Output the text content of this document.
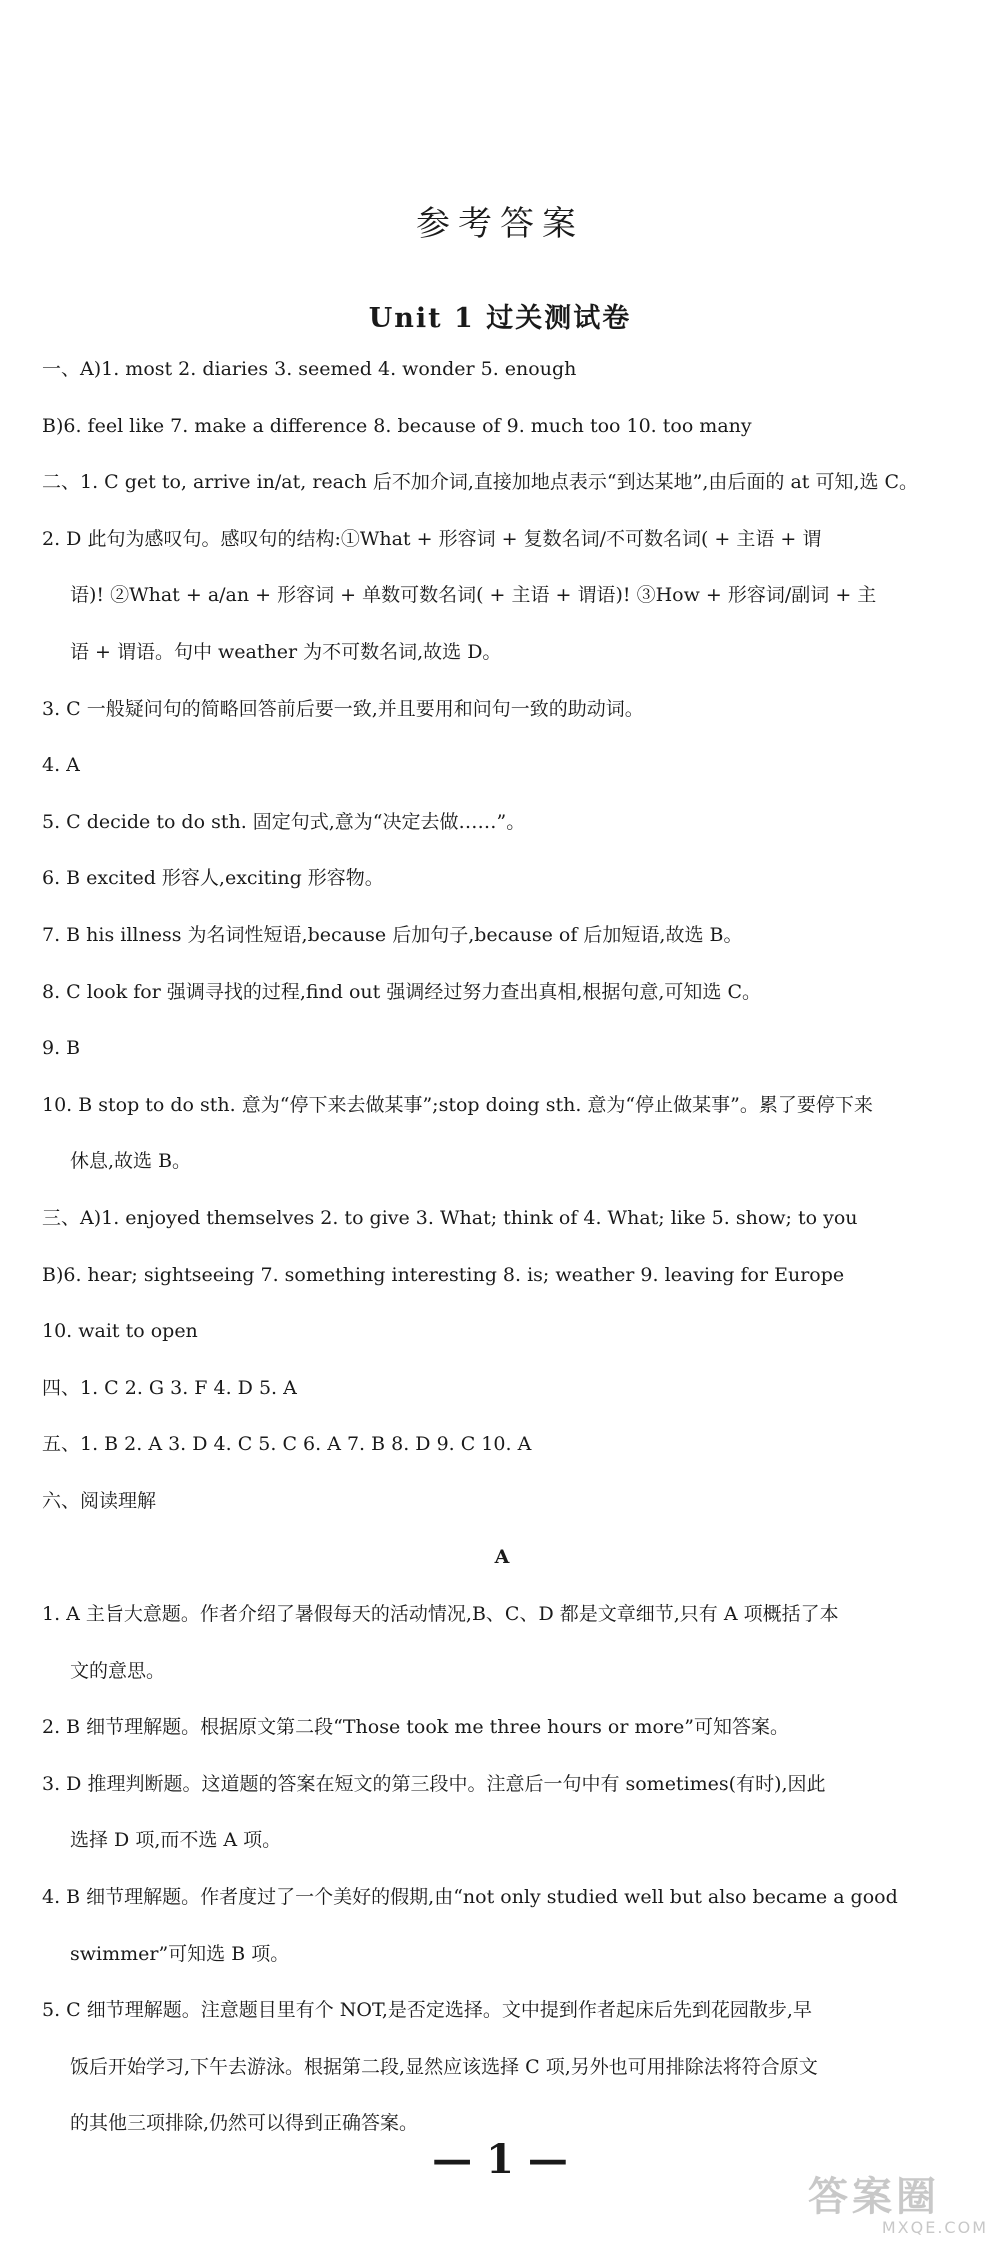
参考答案
Unit 1 过关测试卷
一、A)1. most 2. diaries 3. seemed 4. wonder 5. enough
B)6. feel like 7. make a difference 8. because of 9. much too 10. too many
二、1. C get to, arrive in/at, reach 后不加介词,直接加地点表示“到达某地”,由后面的 at 可知,选 C。
2. D 此句为感叹句。感叹句的结构:①What + 形容词 + 复数名词/不可数名词( + 主语 + 谓
语)! ②What + a/an + 形容词 + 单数可数名词( + 主语 + 谓语)! ③How + 形容词/副词 + 主
语 + 谓语。句中 weather 为不可数名词,故选 D。
3. C 一般疑问句的简略回答前后要一致,并且要用和问句一致的助动词。
4. A
5. C decide to do sth. 固定句式,意为“决定去做……”。
6. B excited 形容人,exciting 形容物。
7. B his illness 为名词性短语,because 后加句子,because of 后加短语,故选 B。
8. C look for 强调寻找的过程,find out 强调经过努力查出真相,根据句意,可知选 C。
9. B
10. B stop to do sth. 意为“停下来去做某事”;stop doing sth. 意为“停止做某事”。累了要停下来
休息,故选 B。
三、A)1. enjoyed themselves 2. to give 3. What; think of 4. What; like 5. show; to you
B)6. hear; sightseeing 7. something interesting 8. is; weather 9. leaving for Europe
10. wait to open
四、1. C 2. G 3. F 4. D 5. A
五、1. B 2. A 3. D 4. C 5. C 6. A 7. B 8. D 9. C 10. A
六、阅读理解
A
1. A 主旨大意题。作者介绍了暑假每天的活动情况,B、C、D 都是文章细节,只有 A 项概括了本
文的意思。
2. B 细节理解题。根据原文第二段“Those took me three hours or more”可知答案。
3. D 推理判断题。这道题的答案在短文的第三段中。注意后一句中有 sometimes(有时),因此
选择 D 项,而不选 A 项。
4. B 细节理解题。作者度过了一个美好的假期,由“not only studied well but also became a good
swimmer”可知选 B 项。
5. C 细节理解题。注意题目里有个 NOT,是否定选择。文中提到作者起床后先到花园散步,早
饭后开始学习,下午去游泳。根据第二段,显然应该选择 C 项,另外也可用排除法将符合原文
的其他三项排除,仍然可以得到正确答案。
— 1 —
答案圈
MXQE.COM
